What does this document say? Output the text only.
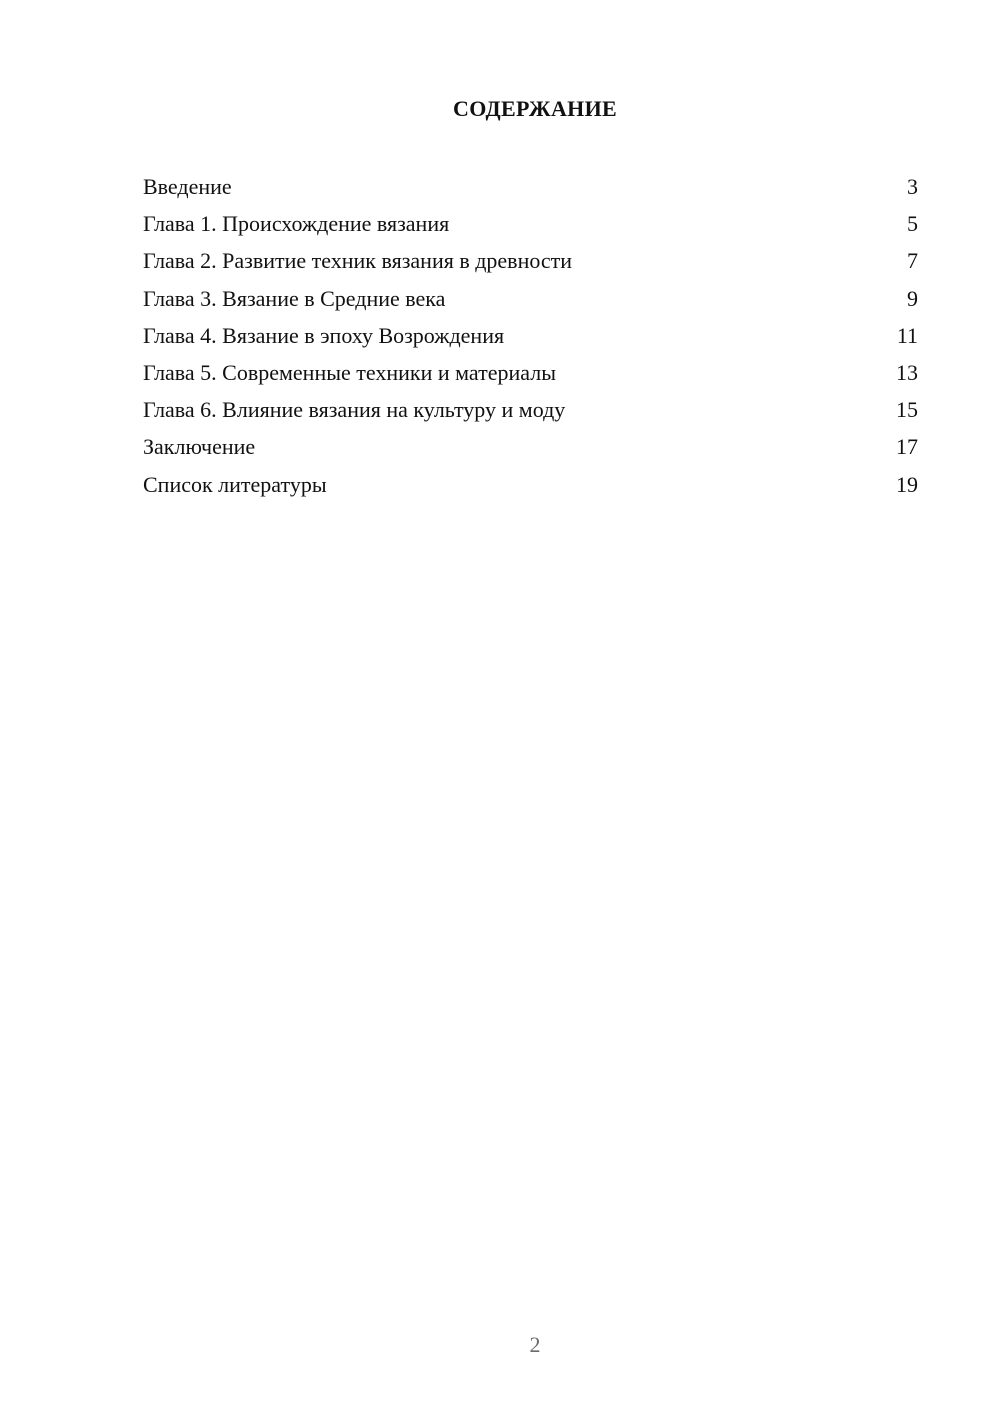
СОДЕРЖАНИЕ
Введение	3
Глава 1. Происхождение вязания	5
Глава 2. Развитие техник вязания в древности	7
Глава 3. Вязание в Средние века	9
Глава 4. Вязание в эпоху Возрождения	11
Глава 5. Современные техники и материалы	13
Глава 6. Влияние вязания на культуру и моду	15
Заключение	17
Список литературы	19
2
